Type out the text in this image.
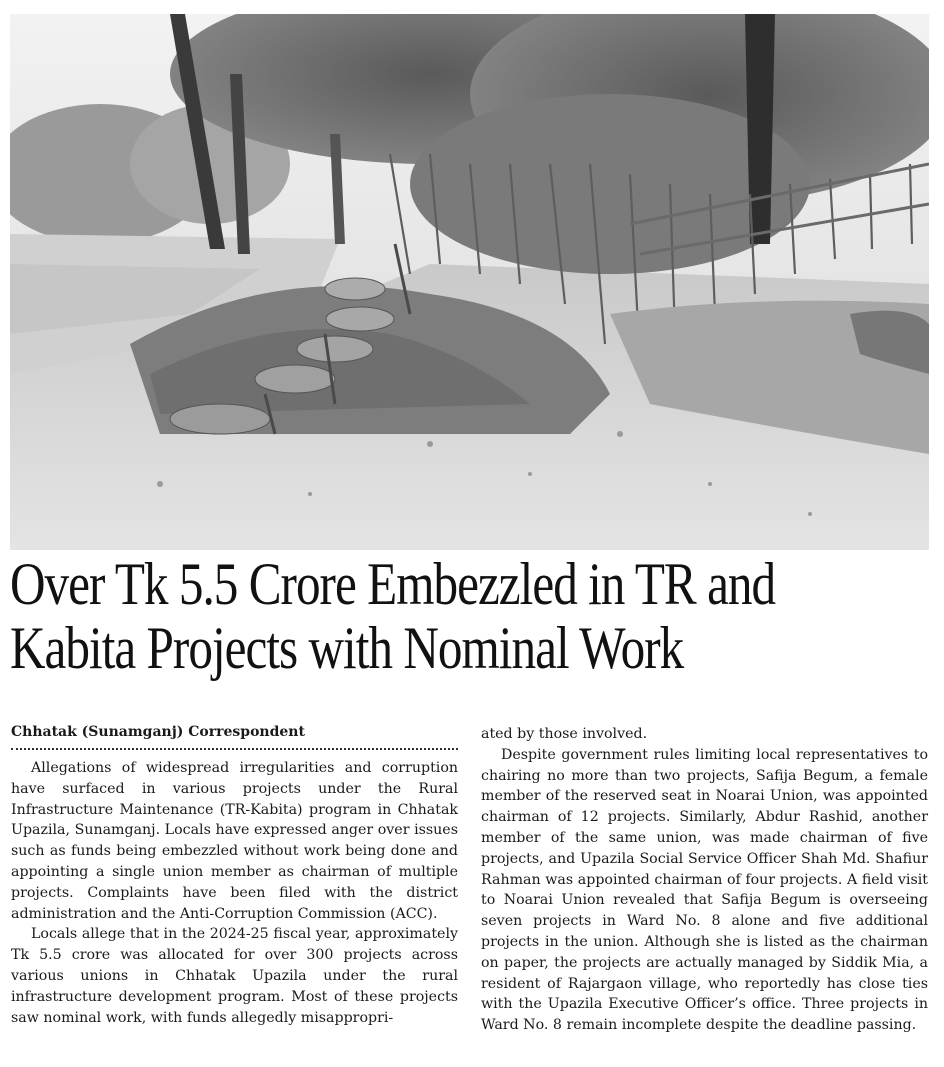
Over Tk 5.5 Crore Embezzled in TR and
Kabita Projects with Nominal Work
Chhatak (Sunamganj) Correspondent

Allegations of widespread irregularities and corruption have surfaced in various projects under the Rural Infrastructure Maintenance (TR-Kabita) program in Chhatak Upazila, Sunamganj. Locals have expressed anger over issues such as funds being embezzled without work being done and appointing a single union member as chairman of multiple projects. Complaints have been filed with the district administration and the Anti-Corruption Commission (ACC).

Locals allege that in the 2024-25 fiscal year, approximately Tk 5.5 crore was allocated for over 300 projects across various unions in Chhatak Upazila under the rural infrastructure development program. Most of these projects saw nominal work, with funds allegedly misappropri-

ated by those involved.

Despite government rules limiting local representatives to chairing no more than two projects, Safija Begum, a female member of the reserved seat in Noarai Union, was appointed chairman of 12 projects. Similarly, Abdur Rashid, another member of the same union, was made chairman of five projects, and Upazila Social Service Officer Shah Md. Shafiur Rahman was appointed chairman of four projects. A field visit to Noarai Union revealed that Safija Begum is overseeing seven projects in Ward No. 8 alone and five additional projects in the union. Although she is listed as the chairman on paper, the projects are actually managed by Siddik Mia, a resident of Rajargaon village, who reportedly has close ties with the Upazila Executive Officer’s office. Three projects in Ward No. 8 remain incomplete despite the deadline passing.
